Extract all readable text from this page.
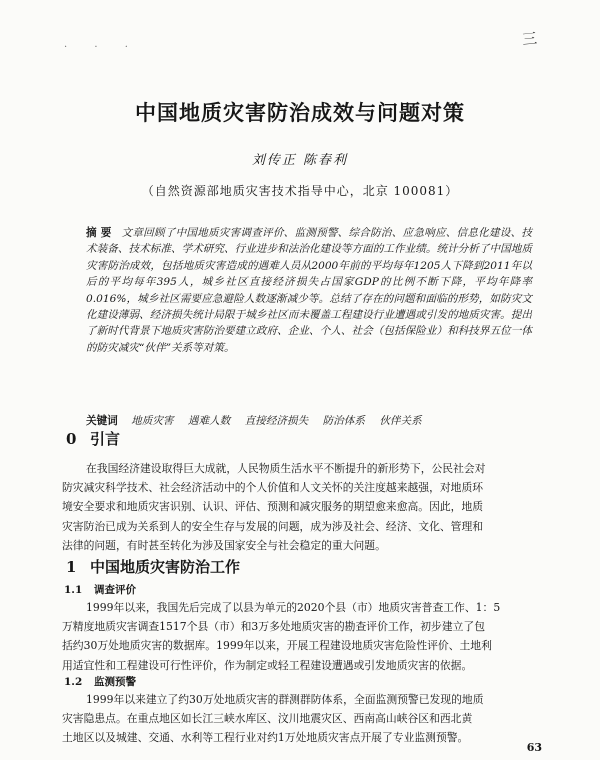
· · ·	三
中国地质灾害防治成效与问题对策
刘传正 陈春利
（自然资源部地质灾害技术指导中心，北京 100081）
摘 要 文章回顾了中国地质灾害调查评价、监测预警、综合防治、应急响应、信息化建设、技术装备、技术标准、学术研究、行业进步和法治化建设等方面的工作业绩。统计分析了中国地质灾害防治成效，包括地质灾害造成的遇难人员从2000年前的平均每年1205人下降到2011年以后的平均每年395人，城乡社区直接经济损失占国家GDP的比例不断下降，平均年降率0.016%，城乡社区需要应急避险人数逐渐减少等。总结了存在的问题和面临的形势，如防灾文化建设薄弱、经济损失统计局限于城乡社区而未覆盖工程建设行业遭遇或引发的地质灾害。提出了新时代背景下地质灾害防治要建立政府、企业、个人、社会（包括保险业）和科技界五位一体的防灾减灾“伙伴”关系等对策。
关键词 地质灾害 遇难人数 直接经济损失 防治体系 伙伴关系
0 引言
在我国经济建设取得巨大成就，人民物质生活水平不断提升的新形势下，公民社会对
防灾减灾科学技术、社会经济活动中的个人价值和人文关怀的关注度越来越强，对地质环
境安全要求和地质灾害识别、认识、评估、预测和减灾服务的期望愈来愈高。因此，地质
灾害防治已成为关系到人的安全生存与发展的问题，成为涉及社会、经济、文化、管理和
法律的问题，有时甚至转化为涉及国家安全与社会稳定的重大问题。
1 中国地质灾害防治工作
1.1 调查评价
1999年以来，我国先后完成了以县为单元的2020个县（市）地质灾害普查工作、1：5
万精度地质灾害调查1517个县（市）和3万多处地质灾害的勘查评价工作，初步建立了包
括约30万处地质灾害的数据库。1999年以来，开展工程建设地质灾害危险性评价、土地利
用适宜性和工程建设可行性评价，作为制定或轻工程建设遭遇或引发地质灾害的依据。
1.2 监测预警
1999年以来建立了约30万处地质灾害的群测群防体系，全面监测预警已发现的地质
灾害隐患点。在重点地区如长江三峡水库区、汶川地震灾区、西南高山峡谷区和西北黄
土地区以及城建、交通、水利等工程行业对约1万处地质灾害点开展了专业监测预警。
63
